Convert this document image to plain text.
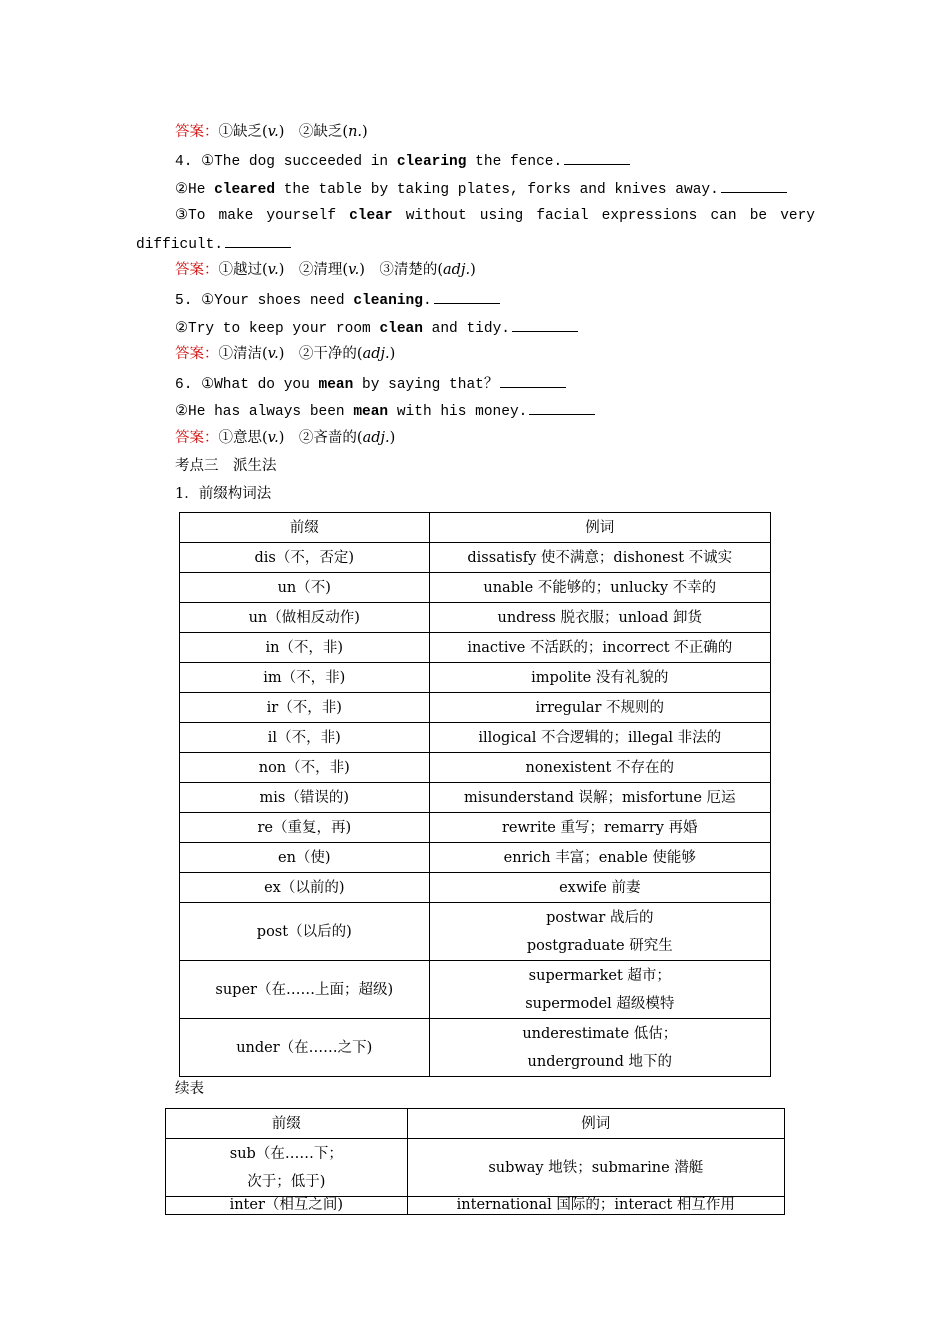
答案：①缺乏(v.)　②缺乏(n.)
4. ①The dog succeeded in clearing the fence.
②He cleared the table by taking plates, forks and knives away.
③To make yourself clear without using facial expressions can be very
difficult.
答案：①越过(v.)　②清理(v.)　③清楚的(adj.)
5. ①Your shoes need cleaning.
②Try to keep your room clean and tidy.
答案：①清洁(v.)　②干净的(adj.)
6. ①What do you mean by saying that？
②He has always been mean with his money.
答案：①意思(v.)　②吝啬的(adj.)
考点三　派生法
1．前缀构词法
前缀	例词
dis（不，否定)	dissatisfy 使不满意；dishonest 不诚实
un（不)	unable 不能够的；unlucky 不幸的
un（做相反动作)	undress 脱衣服；unload 卸货
in（不，非)	inactive 不活跃的；incorrect 不正确的
im（不，非)	impolite 没有礼貌的
ir（不，非)	irregular 不规则的
il（不，非)	illogical 不合逻辑的；illegal 非法的
non（不，非)	nonexistent 不存在的
mis（错误的)	misunderstand 误解；misfortune 厄运
re（重复，再)	rewrite 重写；remarry 再婚
en（使)	enrich 丰富；enable 使能够
ex（以前的)	exwife 前妻
post（以后的)	postwar 战后的
postgraduate 研究生

super（在……上面；超级)	supermarket 超市；
supermodel 超级模特

under（在……之下)	underestimate 低估；
underground 地下的
续表
前缀	例词

sub（在……下；
次于；低于)	subway 地铁；submarine 潜艇
inter（相互之间)	international 国际的；interact 相互作用
